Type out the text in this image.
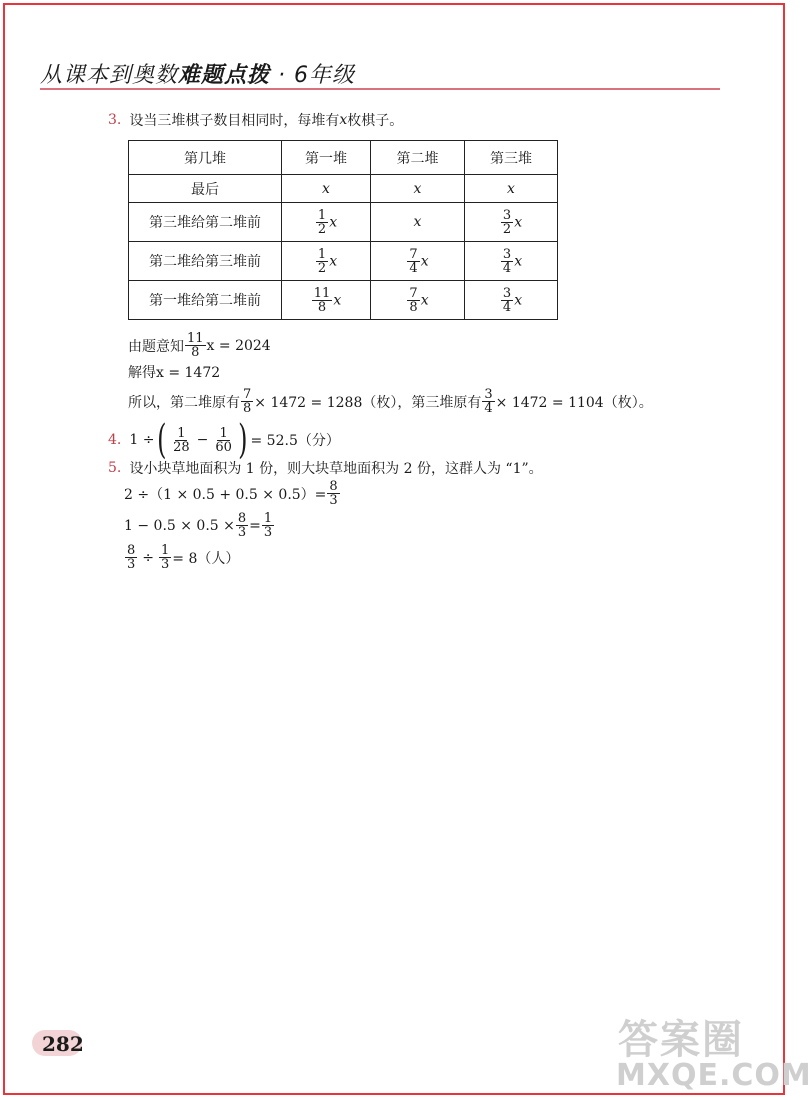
从课本到奥数难题点拨 · 6年级
3. 设当三堆棋子数目相同时，每堆有 x 枚棋子。
第几堆	第一堆	第二堆	第三堆
最后	x	x	x
第三堆给第二堆前	$\frac{1}{2}$ x	x	$\frac{3}{2}$ x
第二堆给第三堆前	$\frac{1}{2}$ x	$\frac{7}{4}$ x	$\frac{3}{4}$ x
第一堆给第二堆前	$\frac{11}{8}$ x	$\frac{7}{8}$ x	$\frac{3}{4}$ x
由题意知 $\frac{11}{8}$ x = 2024
解得x = 1472
所以，第二堆原有 $\frac{7}{8} \times 1472 = 1288$（枚），第三堆原有 $\frac{3}{4} \times 1472 = 1104$（枚）。
4. 1 ÷ ( $\frac{1}{28} - \frac{1}{60}$ ) = 52.5（分）
5. 设小块草地面积为 1 份，则大块草地面积为 2 份，这群人为 “1”。
$2 \div(1 \times 0.5 + 0.5 \times 0.5)= \frac{8}{3}$
$1 - 0.5 \times 0.5 \times \frac{8}{3} = \frac{1}{3}$
$\frac{8}{3} \div \frac{1}{3} = 8$（人）
282	答案圈
MXQE.COM
